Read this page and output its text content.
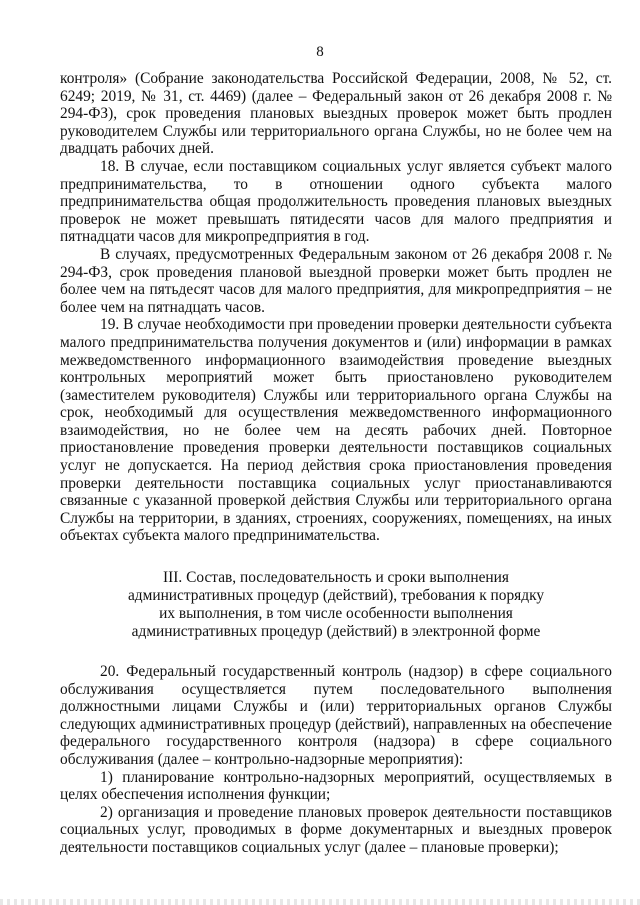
8

контроля» (Собрание законодательства Российской Федерации, 2008, № 52, ст. 6249; 2019, № 31, ст. 4469) (далее – Федеральный закон от 26 декабря 2008 г. № 294-ФЗ), срок проведения плановых выездных проверок может быть продлен руководителем Службы или территориального органа Службы, но не более чем на двадцать рабочих дней.

18. В случае, если поставщиком социальных услуг является субъект малого предпринимательства, то в отношении одного субъекта малого предпринимательства общая продолжительность проведения плановых выездных проверок не может превышать пятидесяти часов для малого предприятия и пятнадцати часов для микропредприятия в год.

В случаях, предусмотренных Федеральным законом от 26 декабря 2008 г. № 294-ФЗ, срок проведения плановой выездной проверки может быть продлен не более чем на пятьдесят часов для малого предприятия, для микропредприятия – не более чем на пятнадцать часов.

19. В случае необходимости при проведении проверки деятельности субъекта малого предпринимательства получения документов и (или) информации в рамках межведомственного информационного взаимодействия проведение выездных контрольных мероприятий может быть приостановлено руководителем (заместителем руководителя) Службы или территориального органа Службы на срок, необходимый для осуществления межведомственного информационного взаимодействия, но не более чем на десять рабочих дней. Повторное приостановление проведения проверки деятельности поставщиков социальных услуг не допускается. На период действия срока приостановления проведения проверки деятельности поставщика социальных услуг приостанавливаются связанные с указанной проверкой действия Службы или территориального органа Службы на территории, в зданиях, строениях, сооружениях, помещениях, на иных объектах субъекта малого предпринимательства.

III. Состав, последовательность и сроки выполнения
административных процедур (действий), требования к порядку
их выполнения, в том числе особенности выполнения
административных процедур (действий) в электронной форме

20. Федеральный государственный контроль (надзор) в сфере социального обслуживания осуществляется путем последовательного выполнения должностными лицами Службы и (или) территориальных органов Службы следующих административных процедур (действий), направленных на обеспечение федерального государственного контроля (надзора) в сфере социального обслуживания (далее – контрольно-надзорные мероприятия):

1) планирование контрольно-надзорных мероприятий, осуществляемых в целях обеспечения исполнения функции;

2) организация и проведение плановых проверок деятельности поставщиков социальных услуг, проводимых в форме документарных и выездных проверок деятельности поставщиков социальных услуг (далее – плановые проверки);
